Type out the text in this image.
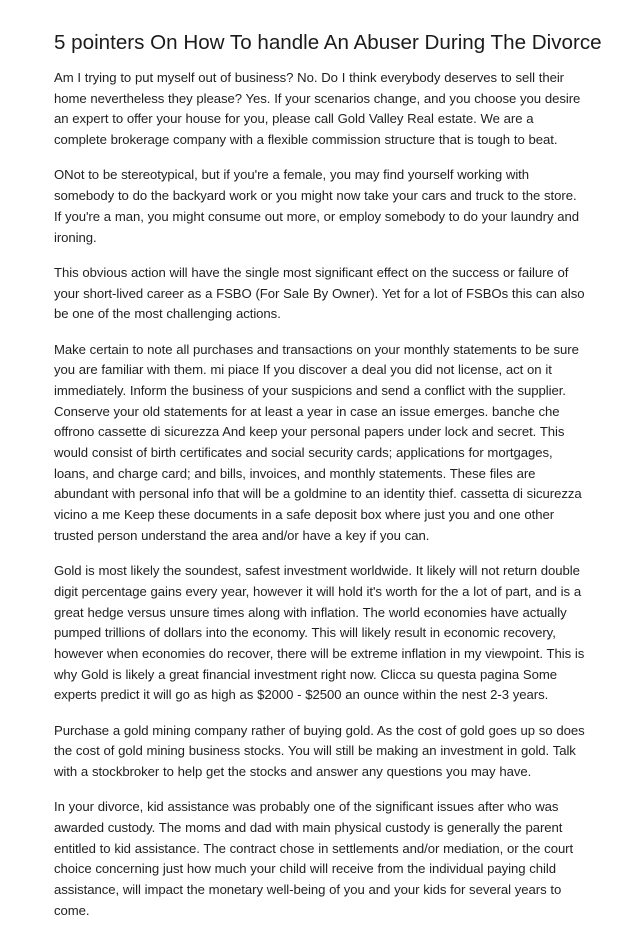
5 pointers On How To handle An Abuser During The Divorce

Am I trying to put myself out of business? No. Do I think everybody deserves to sell their home nevertheless they please? Yes. If your scenarios change, and you choose you desire an expert to offer your house for you, please call Gold Valley Real estate. We are a complete brokerage company with a flexible commission structure that is tough to beat.

ONot to be stereotypical, but if you're a female, you may find yourself working with somebody to do the backyard work or you might now take your cars and truck to the store. If you're a man, you might consume out more, or employ somebody to do your laundry and ironing.

This obvious action will have the single most significant effect on the success or failure of your short-lived career as a FSBO (For Sale By Owner). Yet for a lot of FSBOs this can also be one of the most challenging actions.

Make certain to note all purchases and transactions on your monthly statements to be sure you are familiar with them. mi piace If you discover a deal you did not license, act on it immediately. Inform the business of your suspicions and send a conflict with the supplier. Conserve your old statements for at least a year in case an issue emerges. banche che offrono cassette di sicurezza And keep your personal papers under lock and secret. This would consist of birth certificates and social security cards; applications for mortgages, loans, and charge card; and bills, invoices, and monthly statements. These files are abundant with personal info that will be a goldmine to an identity thief. cassetta di sicurezza vicino a me Keep these documents in a safe deposit box where just you and one other trusted person understand the area and/or have a key if you can.

Gold is most likely the soundest, safest investment worldwide. It likely will not return double digit percentage gains every year, however it will hold it's worth for the a lot of part, and is a great hedge versus unsure times along with inflation. The world economies have actually pumped trillions of dollars into the economy. This will likely result in economic recovery, however when economies do recover, there will be extreme inflation in my viewpoint. This is why Gold is likely a great financial investment right now. Clicca su questa pagina Some experts predict it will go as high as $2000 - $2500 an ounce within the nest 2-3 years.

Purchase a gold mining company rather of buying gold. As the cost of gold goes up so does the cost of gold mining business stocks. You will still be making an investment in gold. Talk with a stockbroker to help get the stocks and answer any questions you may have.

In your divorce, kid assistance was probably one of the significant issues after who was awarded custody. The moms and dad with main physical custody is generally the parent entitled to kid assistance. The contract chose in settlements and/or mediation, or the court choice concerning just how much your child will receive from the individual paying child assistance, will impact the monetary well-being of you and your kids for several years to come.
